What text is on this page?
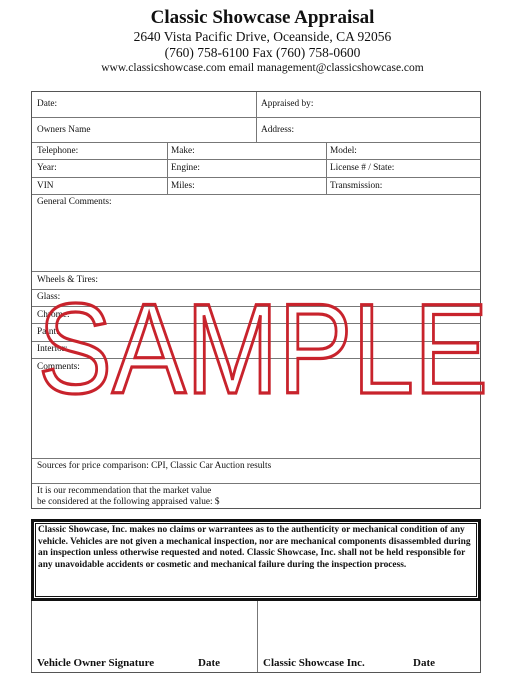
Classic Showcase Appraisal
2640 Vista Pacific Drive, Oceanside, CA 92056
(760) 758-6100 Fax (760) 758-0600
www.classicshowcase.com email management@classicshowcase.com
Date:	Appraised by:
Owners Name	Address:
Telephone:	Make:	Model:
Year:	Engine:	License # / State:
VIN	Miles:	Transmission:
General Comments:
Wheels & Tires:
Glass:
Chrome:
Paint:
Interior:
Comments:
Sources for price comparison: CPI, Classic Car Auction results
It is our recommendation that the market value
be considered at the following appraised value: $
SAMPLE
Classic Showcase, Inc. makes no claims or warrantees as to the authenticity or mechanical condition of any vehicle. Vehicles are not given a mechanical inspection, nor are mechanical components disassembled during an inspection unless otherwise requested and noted. Classic Showcase, Inc. shall not be held responsible for any unavoidable accidents or cosmetic and mechanical failure during the inspection process.
Vehicle Owner Signature	Date	Classic Showcase Inc.	Date
